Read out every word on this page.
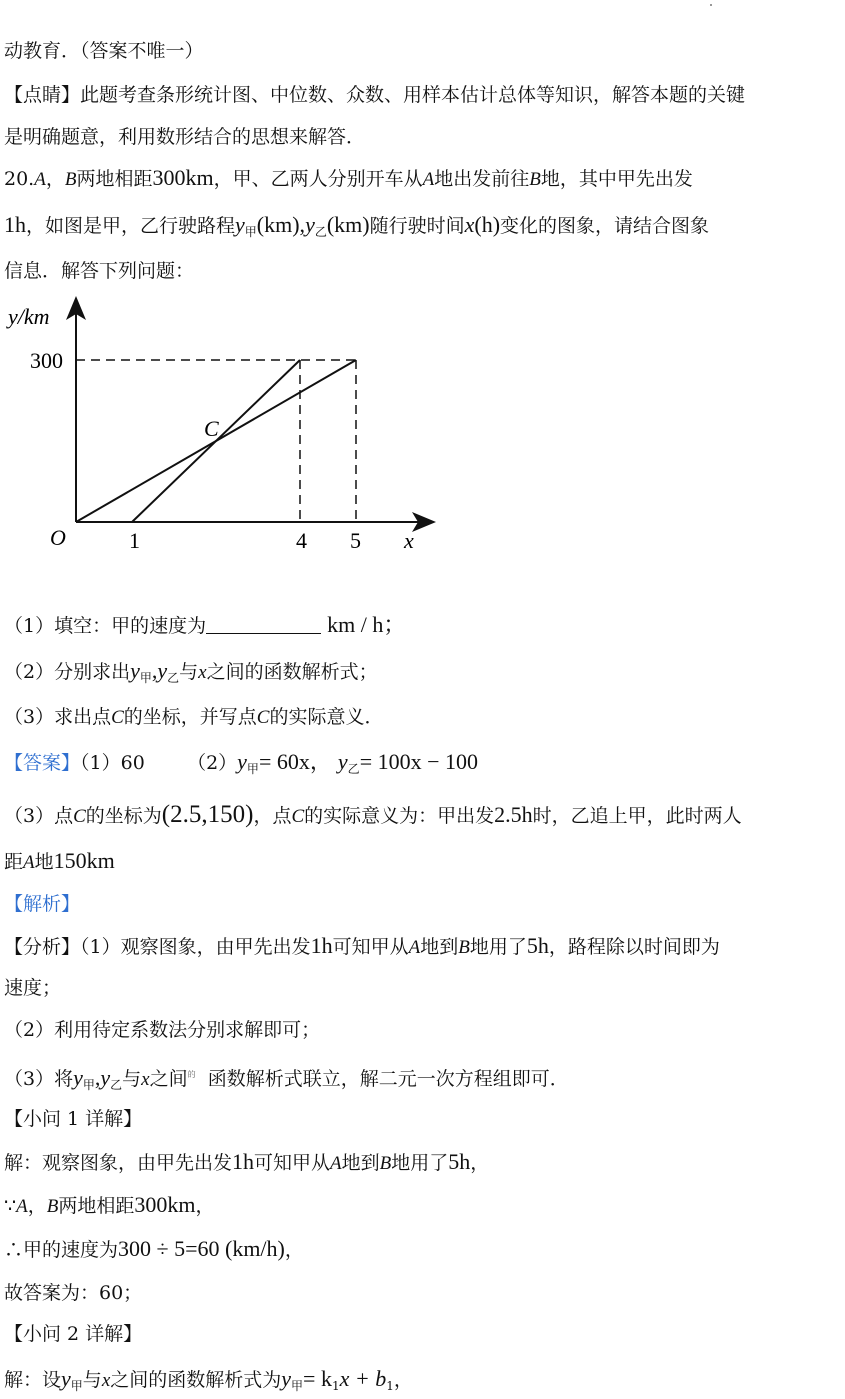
动教育．（答案不唯一）
【点睛】此题考查条形统计图、中位数、众数、用样本估计总体等知识，解答本题的关键
是明确题意，利用数形结合的思想来解答．
20.A，B两地相距300km，甲、乙两人分别开车从A地出发前往B地，其中甲先出发
1h，如图是甲，乙行驶路程$y_甲(km),y_乙(km)$随行驶时间x(h)变化的图象，请结合图象
信息．解答下列问题：
y/km
300
O	x
C
1	4 5
（1）填空：甲的速度为	km / h；
（2）分别求出$y_甲,y_乙$与x之间的函数解析式；
（3）求出点C的坐标，并写点C的实际意义．
【答案】（1）60 $(2)y_甲= 60x$， $y_乙= 100x - 100$
（3）点C的坐标为(2.5,150)，点C的实际意义为：甲出发2.5h时，乙追上甲，此时两人
距A地150km
【解析】
【分析】（1）观察图象，由甲先出发1h可知甲从A地到B地用了5h，路程除以时间即为
速度；
（2）利用待定系数法分别求解即可；
（3）将$y_甲,y_乙$与x之间$^的$ 函数解析式联立，解二元一次方程组即可．
【小问 1 详解】
解：观察图象，由甲先出发1h可知甲从A地到B地用了5h，
∵A，B两地相距300km，
∴甲的速度为300 ÷ 5=60 (km/h)，
故答案为：60；
【小问 2 详解】
解：设$y_甲$与x之间的函数解析式为$y_甲= k_1x + b_1$，
